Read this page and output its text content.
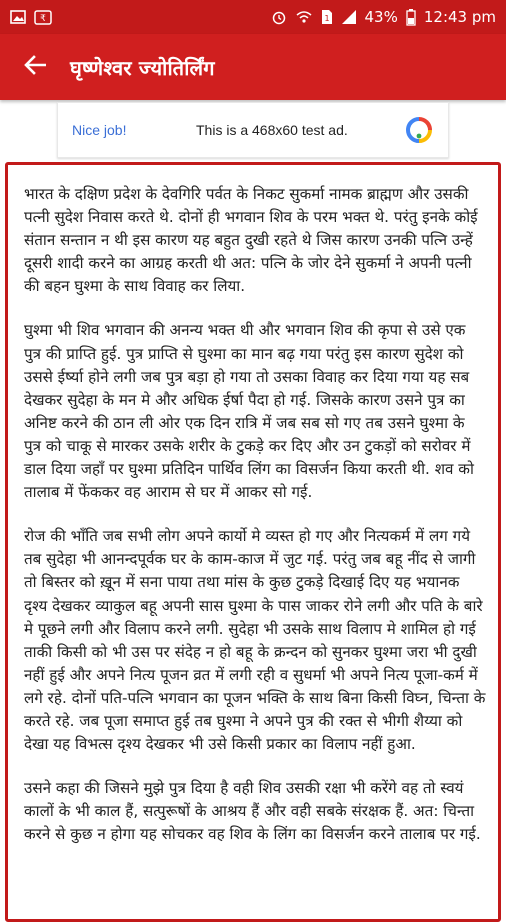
₹	1 43% 12:43 pm
घृष्णेश्वर ज्योतिर्लिंग
Nice job!	This is a 468x60 test ad.

भारत के दक्षिण प्रदेश के देवगिरि पर्वत के निकट सुकर्मा नामक ब्राह्मण और उसकी पत्नी सुदेश निवास करते थे. दोनों ही भगवान शिव के परम भक्त थे. परंतु इनके कोई संतान सन्तान न थी इस कारण यह बहुत दुखी रहते थे जिस कारण उनकी पत्नि उन्हें दूसरी शादी करने का आग्रह करती थी अत: पत्नि के जोर देने सुकर्मा ने अपनी पत्नी की बहन घुश्मा के साथ विवाह कर लिया.

घुश्मा भी शिव भगवान की अनन्य भक्त थी और भगवान शिव की कृपा से उसे एक पुत्र की प्राप्ति हुई. पुत्र प्राप्ति से घुश्मा का मान बढ़ गया परंतु इस कारण सुदेश को उससे ईर्ष्या होने लगी जब पुत्र बड़ा हो गया तो उसका विवाह कर दिया गया यह सब देखकर सुदेहा के मन मे और अधिक ईर्षा पैदा हो गई. जिसके कारण उसने पुत्र का अनिष्ट करने की ठान ली ओर एक दिन रात्रि में जब सब सो गए तब उसने घुश्मा के पुत्र को चाकू से मारकर उसके शरीर के टुकड़े कर दिए और उन टुकड़ों को सरोवर में डाल दिया जहाँ पर घुश्मा प्रतिदिन पार्थिव लिंग का विसर्जन किया करती थी. शव को तालाब में फेंककर वह आराम से घर में आकर सो गई.

रोज की भाँति जब सभी लोग अपने कार्यो मे व्यस्त हो गए और नित्यकर्म में लग गये तब सुदेहा भी आनन्दपूर्वक घर के काम-काज में जुट गई. परंतु जब बहू नींद से जागी तो बिस्तर को ख़ून में सना पाया तथा मांस के कुछ टुकड़े दिखाई दिए यह भयानक दृश्य देखकर व्याकुल बहू अपनी सास घुश्मा के पास जाकर रोने लगी और पति के बारे मे पूछने लगी और विलाप करने लगी. सुदेहा भी उसके साथ विलाप मे शामिल हो गई ताकी किसी को भी उस पर संदेह न हो बहू के क्रन्दन को सुनकर घुश्मा जरा भी दुखी नहीं हुई और अपने नित्य पूजन व्रत में लगी रही व सुधर्मा भी अपने नित्य पूजा-कर्म में लगे रहे. दोनों पति-पत्नि भगवान का पूजन भक्ति के साथ बिना किसी विघ्न, चिन्ता के करते रहे. जब पूजा समाप्त हुई तब घुश्मा ने अपने पुत्र की रक्त से भीगी शैय्या को देखा यह विभत्स दृश्य देखकर भी उसे किसी प्रकार का विलाप नहीं हुआ.

उसने कहा की जिसने मुझे पुत्र दिया है वही शिव उसकी रक्षा भी करेंगे वह तो स्वयं कालों के भी काल हैं, सत्पुरूषों के आश्रय हैं और वही सबके संरक्षक हैं. अत: चिन्ता करने से कुछ न होगा यह सोचकर वह शिव के लिंग का विसर्जन करने तालाब पर गई.
